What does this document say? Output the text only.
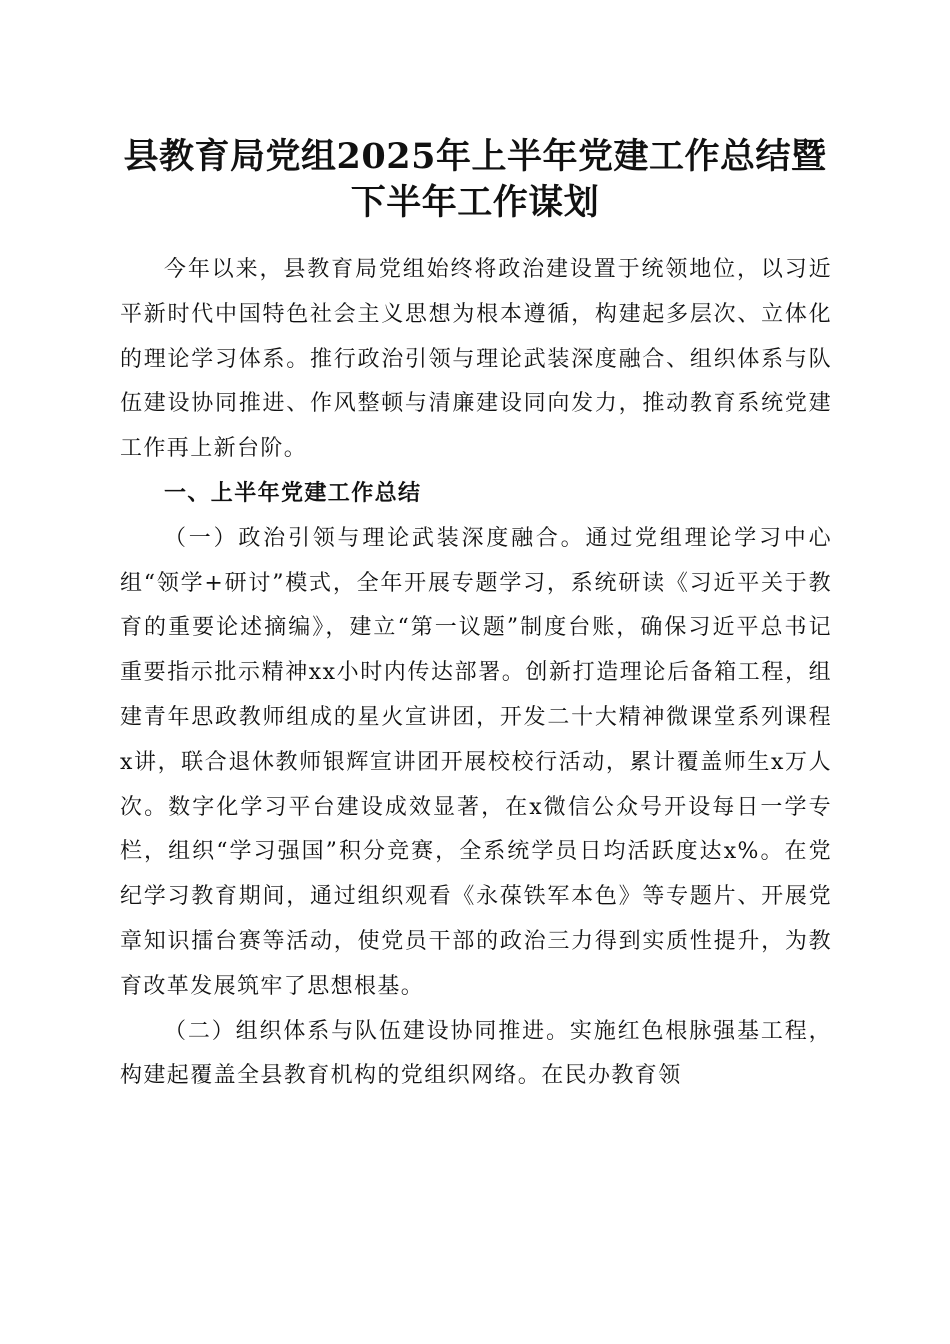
县教育局党组2025年上半年党建工作总结暨
下半年工作谋划

今年以来，县教育局党组始终将政治建设置于统领地位，以习近平新时代中国特色社会主义思想为根本遵循，构建起多层次、立体化的理论学习体系。推行政治引领与理论武装深度融合、组织体系与队伍建设协同推进、作风整顿与清廉建设同向发力，推动教育系统党建工作再上新台阶。

一、上半年党建工作总结

（一）政治引领与理论武装深度融合。通过党组理论学习中心组“领学+研讨”模式，全年开展专题学习，系统研读《习近平关于教育的重要论述摘编》，建立“第一议题”制度台账，确保习近平总书记重要指示批示精神xx小时内传达部署。创新打造理论后备箱工程，组建青年思政教师组成的星火宣讲团，开发二十大精神微课堂系列课程x讲，联合退休教师银辉宣讲团开展校校行活动，累计覆盖师生x万人次。数字化学习平台建设成效显著，在x微信公众号开设每日一学专栏，组织“学习强国”积分竞赛，全系统学员日均活跃度达x%。在党纪学习教育期间，通过组织观看《永葆铁军本色》等专题片、开展党章知识擂台赛等活动，使党员干部的政治三力得到实质性提升，为教育改革发展筑牢了思想根基。

（二）组织体系与队伍建设协同推进。实施红色根脉强基工程，构建起覆盖全县教育机构的党组织网络。在民办教育领
